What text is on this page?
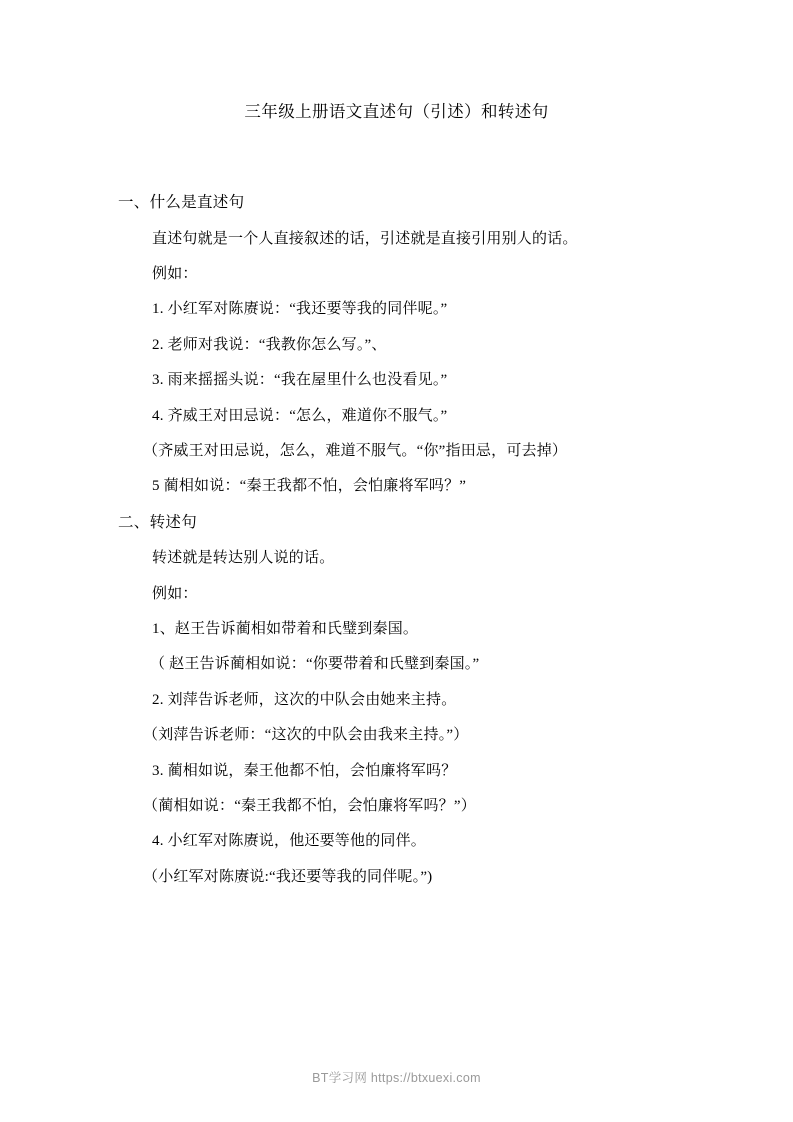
三年级上册语文直述句（引述）和转述句
一、什么是直述句
直述句就是一个人直接叙述的话，引述就是直接引用别人的话。
例如：
1. 小红军对陈赓说：“我还要等我的同伴呢。”
2. 老师对我说：“我教你怎么写。”、
3. 雨来摇摇头说：“我在屋里什么也没看见。”
4. 齐威王对田忌说：“怎么，难道你不服气。”
（齐威王对田忌说，怎么，难道不服气。“你”指田忌，可去掉）
5 蔺相如说：“秦王我都不怕，会怕廉将军吗？”
二、转述句
转述就是转达别人说的话。
例如：
1、赵王告诉蔺相如带着和氏璧到秦国。
（ 赵王告诉蔺相如说：“你要带着和氏璧到秦国。”
2. 刘萍告诉老师，这次的中队会由她来主持。
（刘萍告诉老师：“这次的中队会由我来主持。”）
3. 蔺相如说，秦王他都不怕，会怕廉将军吗？
（蔺相如说：“秦王我都不怕，会怕廉将军吗？”）
4. 小红军对陈赓说，他还要等他的同伴。
（小红军对陈赓说:“我还要等我的同伴呢。”)
BT学习网 https://btxuexi.com
